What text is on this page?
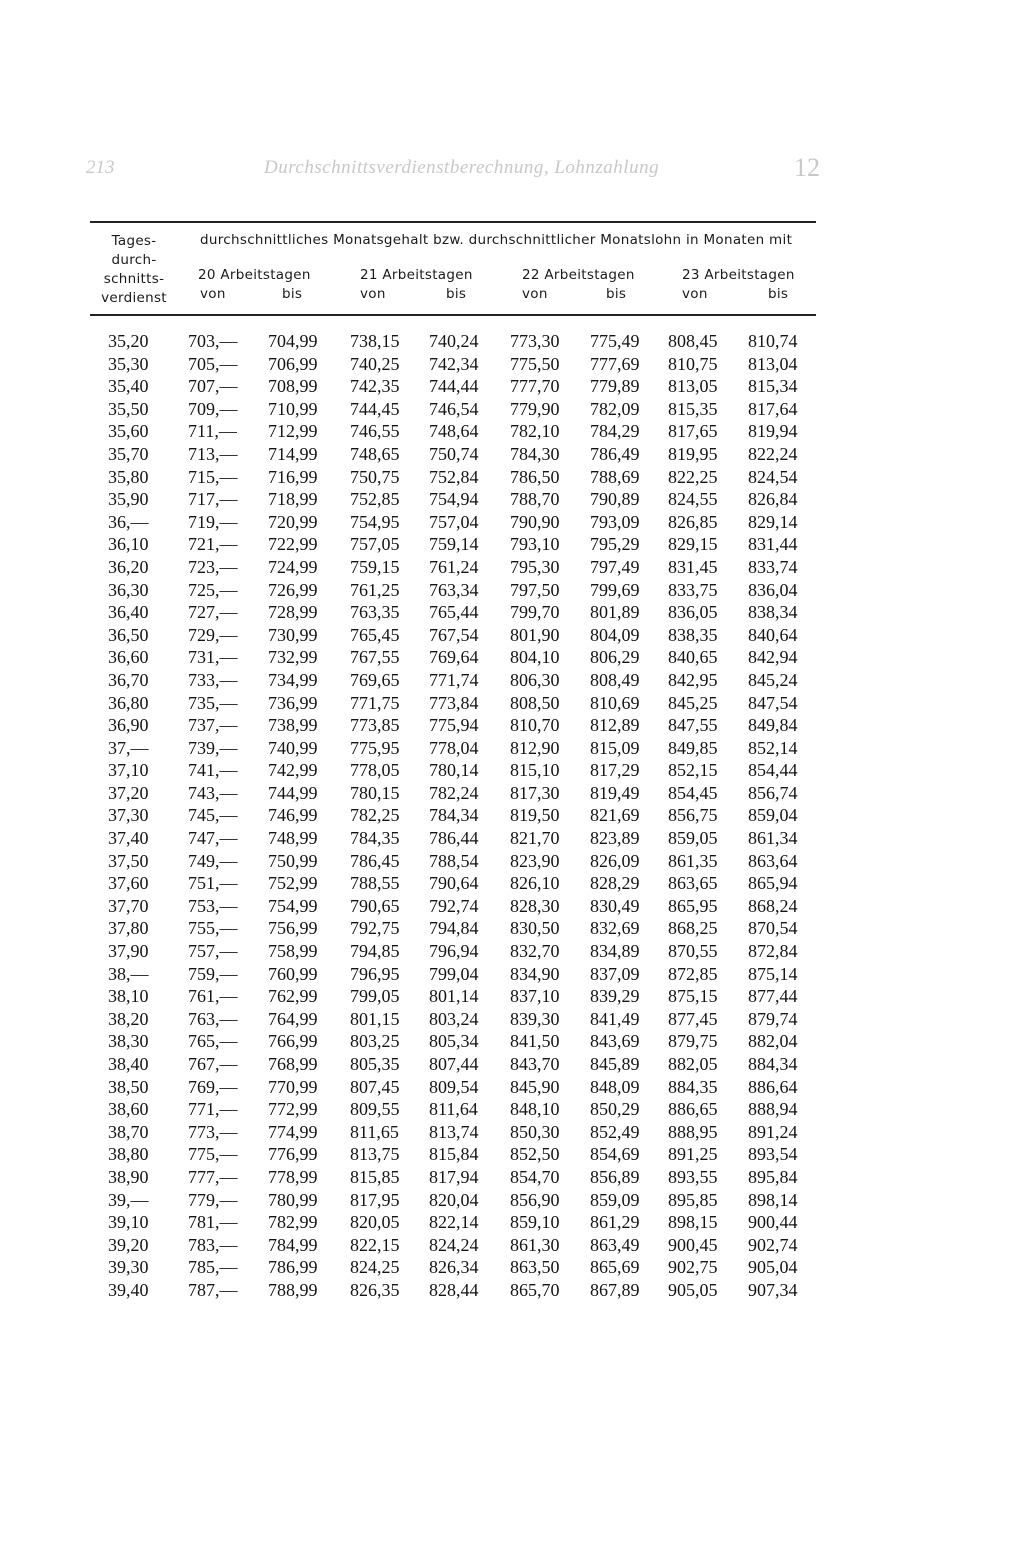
213	Durchschnittsverdienstberechnung, Lohnzahlung	12
Tages-
durch-
schnitts-
verdienst
durchschnittliches Monatsgehalt bzw. durchschnittlicher Monatslohn in Monaten mit
20 Arbeitstagen	21 Arbeitstagen	22 Arbeitstagen	23 Arbeitstagen
von	bis	von	bis	von	bis	von	bis
35,20 703,— 704,99 738,15 740,24 773,30 775,49 808,45 810,74
35,30 705,— 706,99 740,25 742,34 775,50 777,69 810,75 813,04
35,40 707,— 708,99 742,35 744,44 777,70 779,89 813,05 815,34
35,50 709,— 710,99 744,45 746,54 779,90 782,09 815,35 817,64
35,60 711,— 712,99 746,55 748,64 782,10 784,29 817,65 819,94
35,70 713,— 714,99 748,65 750,74 784,30 786,49 819,95 822,24
35,80 715,— 716,99 750,75 752,84 786,50 788,69 822,25 824,54
35,90 717,— 718,99 752,85 754,94 788,70 790,89 824,55 826,84
36,— 719,— 720,99 754,95 757,04 790,90 793,09 826,85 829,14
36,10 721,— 722,99 757,05 759,14 793,10 795,29 829,15 831,44
36,20 723,— 724,99 759,15 761,24 795,30 797,49 831,45 833,74
36,30 725,— 726,99 761,25 763,34 797,50 799,69 833,75 836,04
36,40 727,— 728,99 763,35 765,44 799,70 801,89 836,05 838,34
36,50 729,— 730,99 765,45 767,54 801,90 804,09 838,35 840,64
36,60 731,— 732,99 767,55 769,64 804,10 806,29 840,65 842,94
36,70 733,— 734,99 769,65 771,74 806,30 808,49 842,95 845,24
36,80 735,— 736,99 771,75 773,84 808,50 810,69 845,25 847,54
36,90 737,— 738,99 773,85 775,94 810,70 812,89 847,55 849,84
37,— 739,— 740,99 775,95 778,04 812,90 815,09 849,85 852,14
37,10 741,— 742,99 778,05 780,14 815,10 817,29 852,15 854,44
37,20 743,— 744,99 780,15 782,24 817,30 819,49 854,45 856,74
37,30 745,— 746,99 782,25 784,34 819,50 821,69 856,75 859,04
37,40 747,— 748,99 784,35 786,44 821,70 823,89 859,05 861,34
37,50 749,— 750,99 786,45 788,54 823,90 826,09 861,35 863,64
37,60 751,— 752,99 788,55 790,64 826,10 828,29 863,65 865,94
37,70 753,— 754,99 790,65 792,74 828,30 830,49 865,95 868,24
37,80 755,— 756,99 792,75 794,84 830,50 832,69 868,25 870,54
37,90 757,— 758,99 794,85 796,94 832,70 834,89 870,55 872,84
38,— 759,— 760,99 796,95 799,04 834,90 837,09 872,85 875,14
38,10 761,— 762,99 799,05 801,14 837,10 839,29 875,15 877,44
38,20 763,— 764,99 801,15 803,24 839,30 841,49 877,45 879,74
38,30 765,— 766,99 803,25 805,34 841,50 843,69 879,75 882,04
38,40 767,— 768,99 805,35 807,44 843,70 845,89 882,05 884,34
38,50 769,— 770,99 807,45 809,54 845,90 848,09 884,35 886,64
38,60 771,— 772,99 809,55 811,64 848,10 850,29 886,65 888,94
38,70 773,— 774,99 811,65 813,74 850,30 852,49 888,95 891,24
38,80 775,— 776,99 813,75 815,84 852,50 854,69 891,25 893,54
38,90 777,— 778,99 815,85 817,94 854,70 856,89 893,55 895,84
39,— 779,— 780,99 817,95 820,04 856,90 859,09 895,85 898,14
39,10 781,— 782,99 820,05 822,14 859,10 861,29 898,15 900,44
39,20 783,— 784,99 822,15 824,24 861,30 863,49 900,45 902,74
39,30 785,— 786,99 824,25 826,34 863,50 865,69 902,75 905,04
39,40 787,— 788,99 826,35 828,44 865,70 867,89 905,05 907,34
